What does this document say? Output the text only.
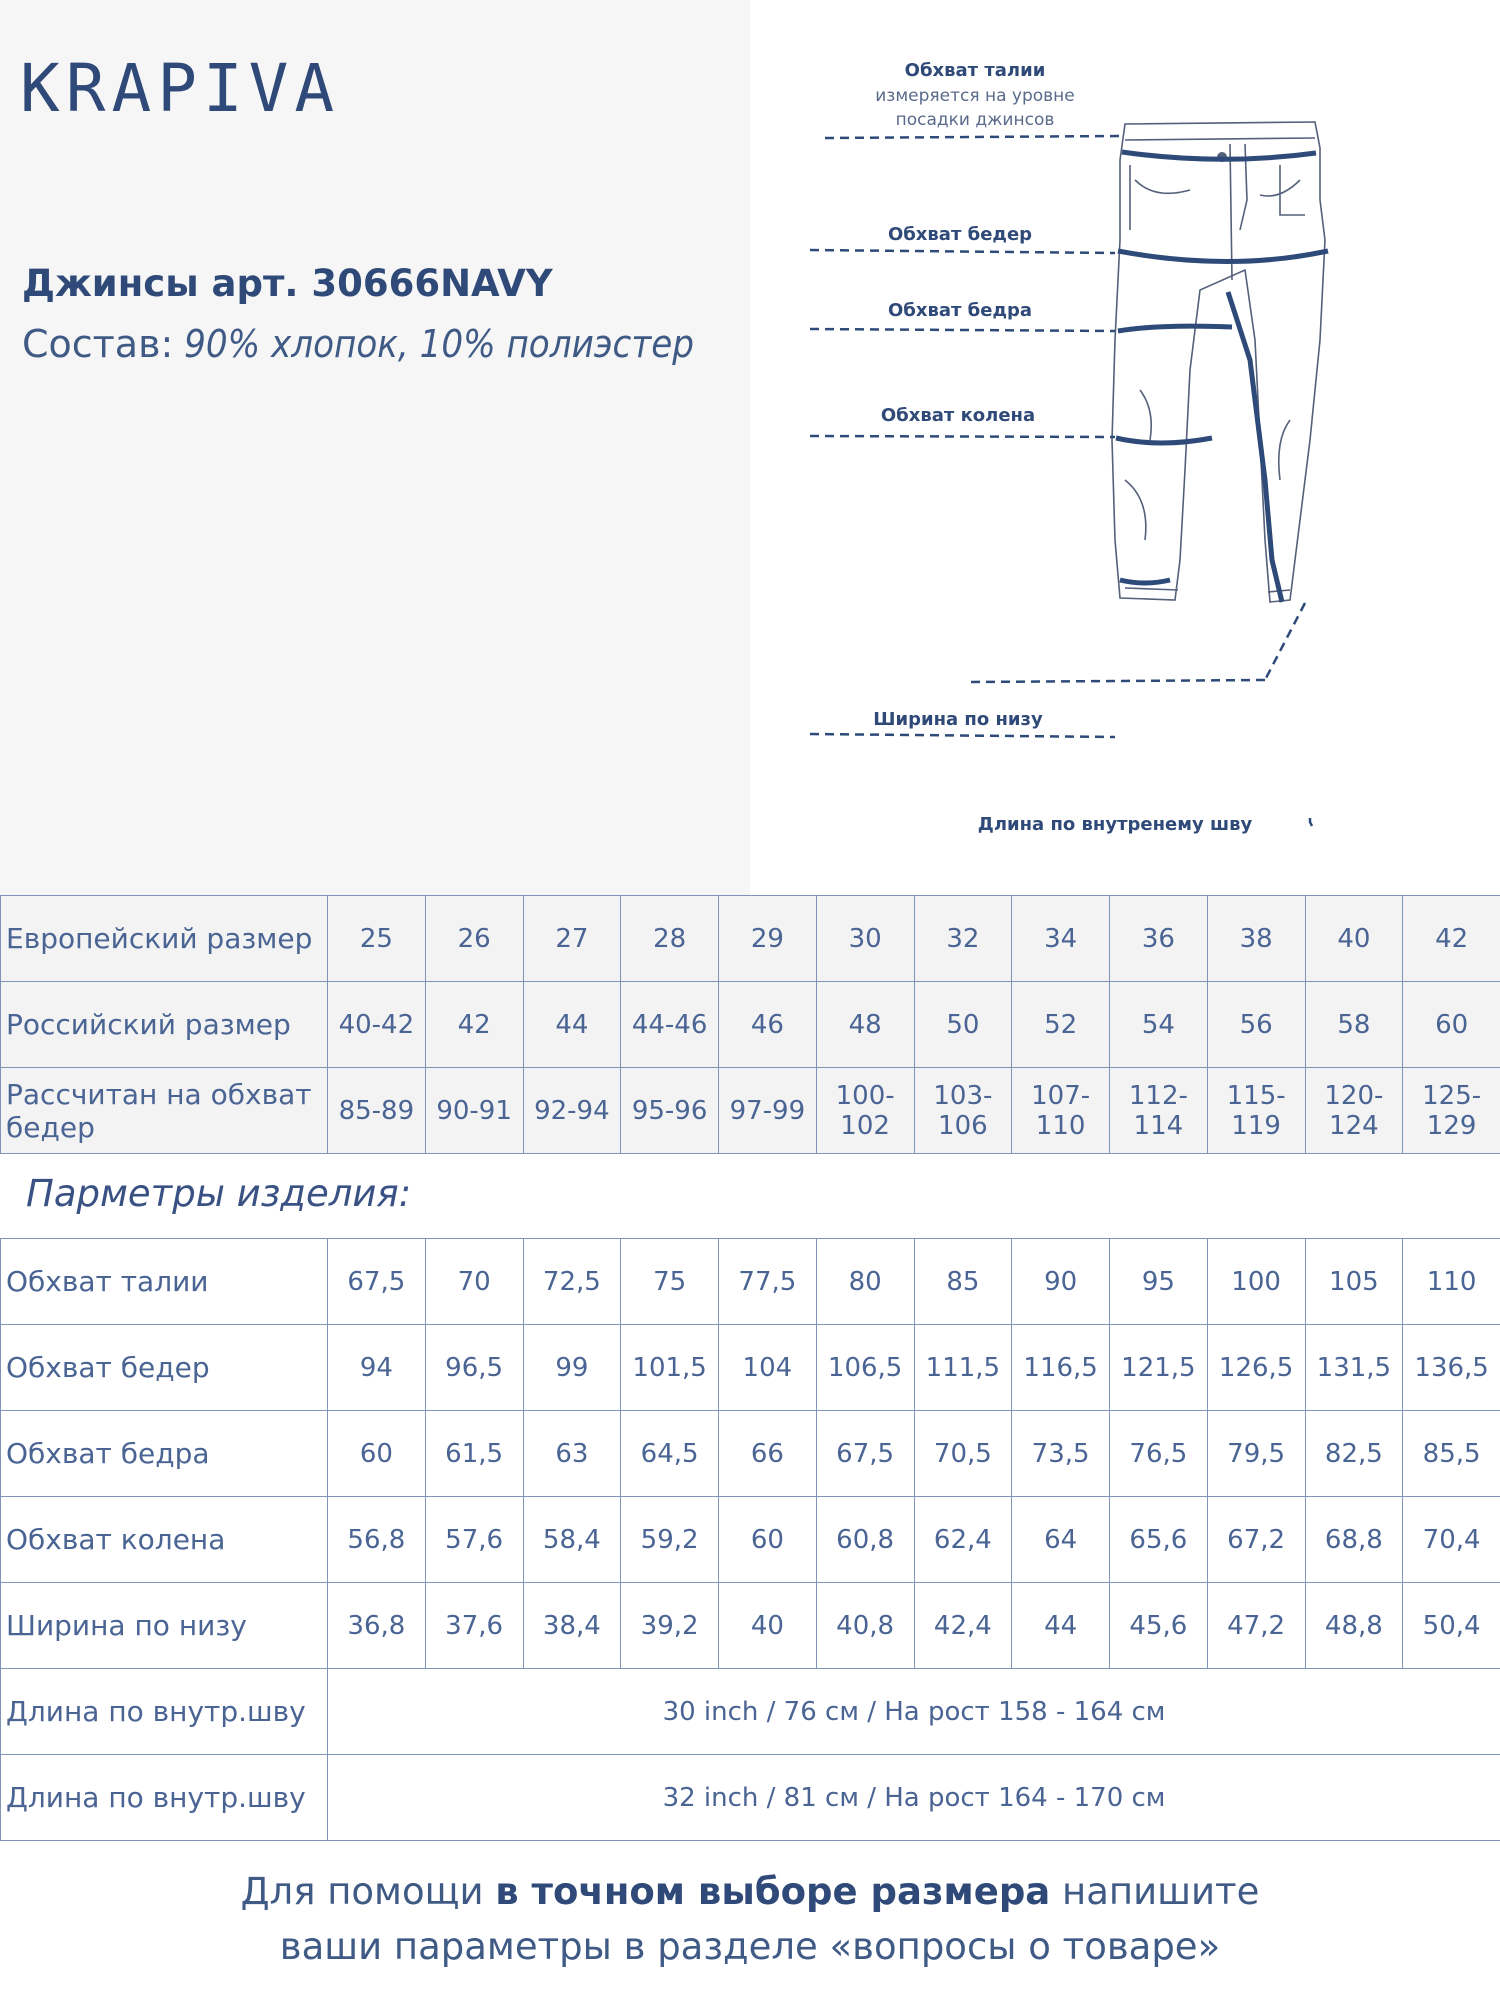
KRAPIVA
Джинсы арт. 30666NAVY
Состав: 90% хлопок, 10% полиэстер
Обхват талии
измеряется на уровне
посадки джинсов
Обхват бедер
Обхват бедра
Обхват колена
Ширина по низу
Длина по внутренему шву
Европейский размер	25	26	27	28	29	30	32	34	36	38	40	42
Российский размер	40-42	42	44	44-46	46	48	50	52	54	56	58	60
Рассчитан на обхват бедер	85-89	90-91	92-94	95-96	97-99	100-102	103-106	107-110	112-114	115-119	120-124	125-129
Парметры изделия:
Обхват талии	67,5	70	72,5	75	77,5	80	85	90	95	100	105	110
Обхват бедер	94	96,5	99	101,5	104	106,5	111,5	116,5	121,5	126,5	131,5	136,5
Обхват бедра	60	61,5	63	64,5	66	67,5	70,5	73,5	76,5	79,5	82,5	85,5
Обхват колена	56,8	57,6	58,4	59,2	60	60,8	62,4	64	65,6	67,2	68,8	70,4
Ширина по низу	36,8	37,6	38,4	39,2	40	40,8	42,4	44	45,6	47,2	48,8	50,4
Длина по внутр.шву	30 inch / 76 см / На рост 158 - 164 см											
Длина по внутр.шву	32 inch / 81 см / На рост 164 - 170 см											
Для помощи в точном выборе размера напишите
ваши параметры в разделе «вопросы о товаре»
